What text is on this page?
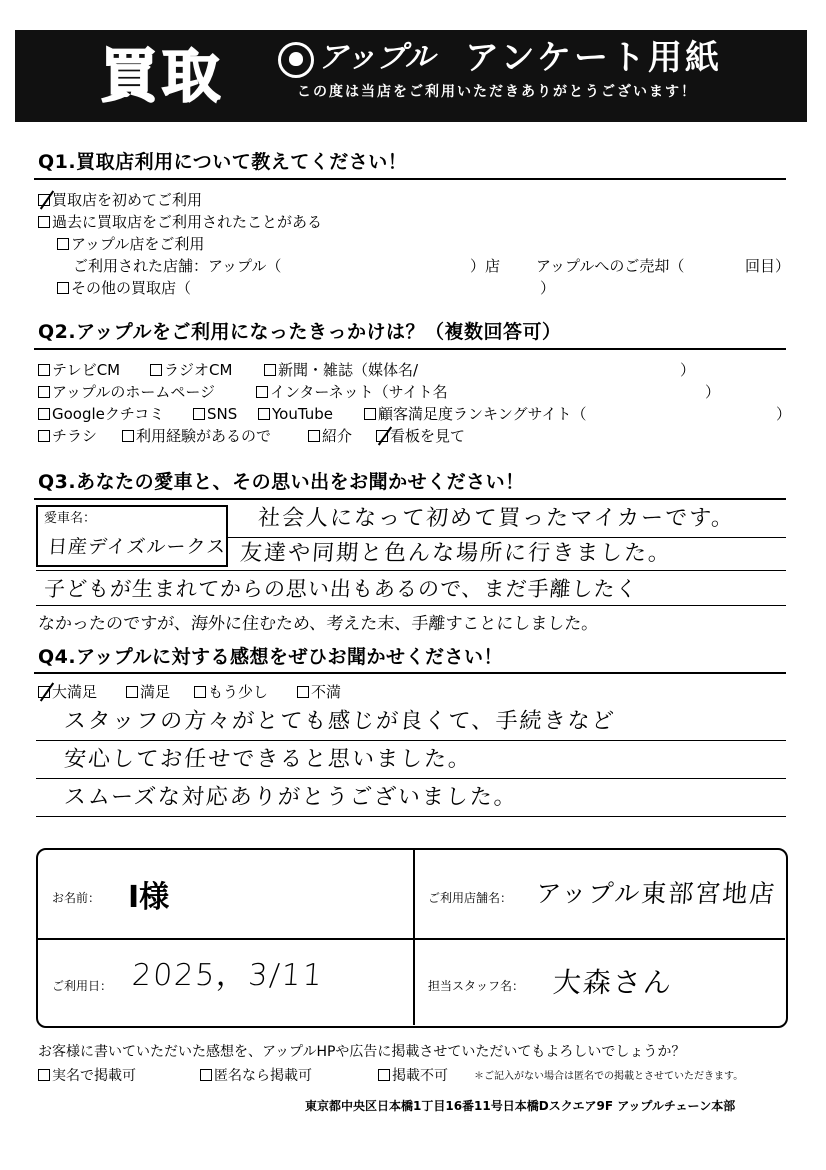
買取	アップル アンケート用紙
この度は当店をご利用いただきありがとうございます！
Q1.買取店利用について教えてください！
買取店を初めてご利用
過去に買取店をご利用されたことがある
アップル店をご利用
ご利用された店舗：アップル（	）店 アップルへのご売却（	回目）
その他の買取店（	）
Q2.アップルをご利用になったきっかけは？（複数回答可）
テレビCM	ラジオCM	新聞・雑誌（媒体名/	）
アップルのホームページ	インターネット（サイト名	）
Googleクチコミ	SNS	YouTube	顧客満足度ランキングサイト（	）
チラシ	利用経験があるので	紹介	看板を見て
Q3.あなたの愛車と、その思い出をお聞かせください！
愛車名：
日産デイズルークス
社会人になって初めて買ったマイカーです。
友達や同期と色んな場所に行きました。
子どもが生まれてからの思い出もあるので、まだ手離したく
なかったのですが、海外に住むため、考えた末、手離すことにしました。
Q4.アップルに対する感想をぜひお聞かせください！
大満足	満足	もう少し	不満
スタッフの方々がとても感じが良くて、手続きなど
安心してお任せできると思いました。
スムーズな対応ありがとうございました。
お名前： I様	ご利用店舗名： アップル東部宮地店
ご利用日： 2025，3/11	担当スタッフ名： 大森さん
お客様に書いていただいた感想を、アップルHPや広告に掲載させていただいてもよろしいでしょうか？
実名で掲載可	匿名なら掲載可	掲載不可	＊ご記入がない場合は匿名での掲載とさせていただきます。
東京都中央区日本橋1丁目16番11号日本橋Dスクエア9F アップルチェーン本部
